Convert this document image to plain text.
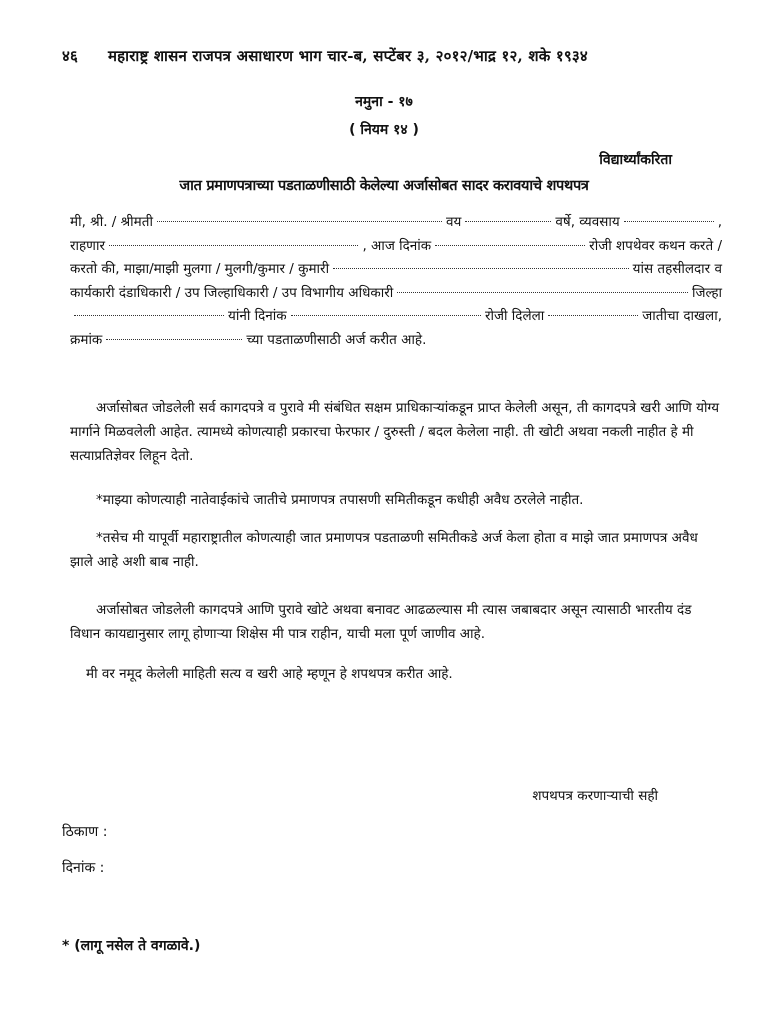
४६ महाराष्ट्र शासन राजपत्र असाधारण भाग चार-ब, सप्टेंबर ३, २०१२/भाद्र १२, शके १९३४
नमुना - १७
( नियम १४ )
विद्यार्थ्यांकरिता
जात प्रमाणपत्राच्या पडताळणीसाठी केलेल्या अर्जासोबत सादर करावयाचे शपथपत्र
मी, श्री. / श्रीमती	वय	वर्षे, व्यवसाय	,
राहणार	, आज दिनांक	रोजी शपथेवर कथन करते /
करतो की, माझा/माझी मुलगा / मुलगी/कुमार / कुमारी	यांस तहसीलदार व
कार्यकारी दंडाधिकारी / उप जिल्हाधिकारी / उप विभागीय अधिकारी	जिल्हा
यांनी दिनांक	रोजी दिलेला	जातीचा दाखला,
क्रमांक	च्या पडताळणीसाठी अर्ज करीत आहे.
अर्जासोबत जोडलेली सर्व कागदपत्रे व पुरावे मी संबंधित सक्षम प्राधिकाऱ्यांकडून प्राप्त केलेली असून, ती कागदपत्रे खरी आणि योग्य मार्गाने मिळवलेली आहेत. त्यामध्ये कोणत्याही प्रकारचा फेरफार / दुरुस्ती / बदल केलेला नाही. ती खोटी अथवा नकली नाहीत हे मी सत्याप्रतिज्ञेवर लिहून देतो.
*माझ्या कोणत्याही नातेवाईकांचे जातीचे प्रमाणपत्र तपासणी समितीकडून कधीही अवैध ठरलेले नाहीत.
*तसेच मी यापूर्वी महाराष्ट्रातील कोणत्याही जात प्रमाणपत्र पडताळणी समितीकडे अर्ज केला होता व माझे जात प्रमाणपत्र अवैध झाले आहे अशी बाब नाही.
अर्जासोबत जोडलेली कागदपत्रे आणि पुरावे खोटे अथवा बनावट आढळल्यास मी त्यास जबाबदार असून त्यासाठी भारतीय दंड विधान कायद्यानुसार लागू होणाऱ्या शिक्षेस मी पात्र राहीन, याची मला पूर्ण जाणीव आहे.
मी वर नमूद केलेली माहिती सत्य व खरी आहे म्हणून हे शपथपत्र करीत आहे.
शपथपत्र करणाऱ्याची सही
ठिकाण :
दिनांक :
* (लागू नसेल ते वगळावे.)
